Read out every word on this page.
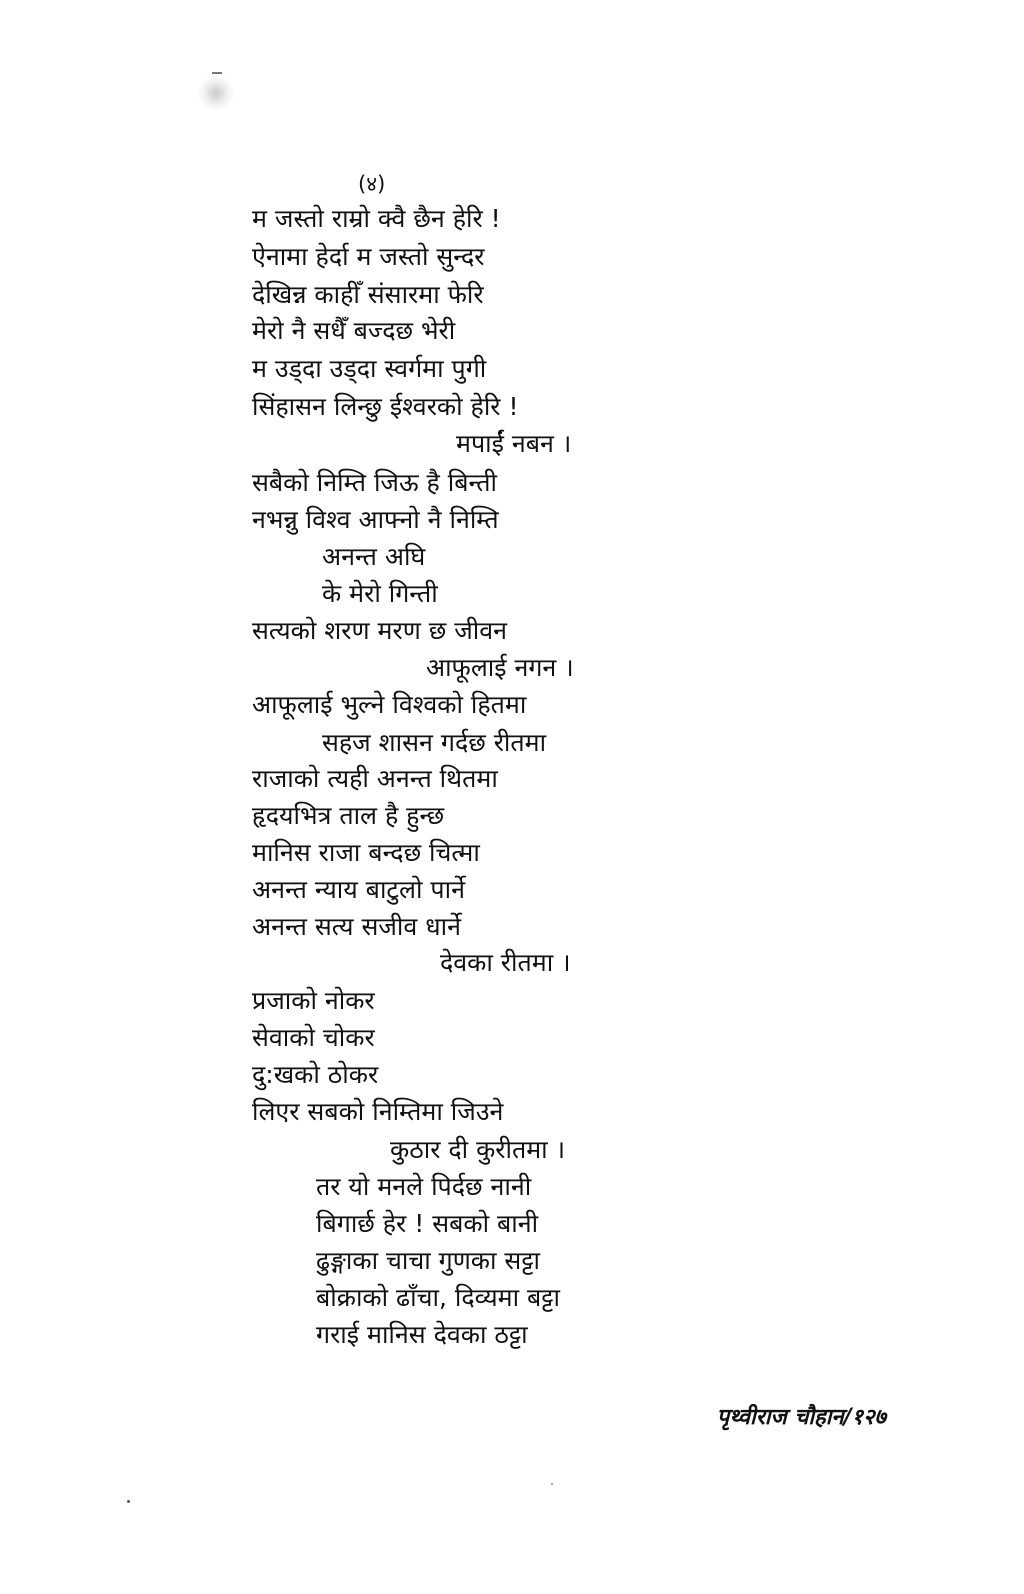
(४)
म जस्तो राम्रो क्वै छैन हेरि !
ऐनामा हेर्दा म जस्तो सुन्दर
देखिन्न काहीँ संसारमा फेरि
मेरो नै सधैँ बज्दछ भेरी
म उड्दा उड्दा स्वर्गमा पुगी
सिंहासन लिन्छु ईश्वरको हेरि !
मपाईं नबन ।
सबैको निम्ति जिऊ है बिन्ती
नभन्नु विश्व आफ्नो नै निम्ति
अनन्त अघि
के मेरो गिन्ती
सत्यको शरण मरण छ जीवन
आफूलाई नगन ।
आफूलाई भुल्ने विश्वको हितमा
सहज शासन गर्दछ रीतमा
राजाको त्यही अनन्त थितमा
हृदयभित्र ताल है हुन्छ
मानिस राजा बन्दछ चित्मा
अनन्त न्याय बाटुलो पार्ने
अनन्त सत्य सजीव धार्ने
देवका रीतमा ।
प्रजाको नोकर
सेवाको चोकर
दु:खको ठोकर
लिएर सबको निम्तिमा जिउने
कुठार दी कुरीतमा ।
तर यो मनले पिर्दछ नानी
बिगार्छ हेर ! सबको बानी
ढुङ्गाका चाचा गुणका सट्टा
बोक्राको ढाँचा, दिव्यमा बट्टा
गराई मानिस देवका ठट्टा
पृथ्वीराज चौहान/१२७
